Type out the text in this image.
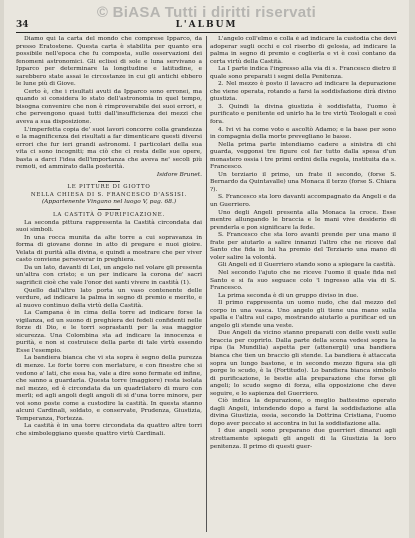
© BiASA Tutti i diritti riservati
34	L'ALBUM

Diamo qui la carta del mondo che comprese Ipparco, da presso Eratostene. Questa carta è stabilita per quanto era possibile nell'epoca che fu composta, sulle osservazioni dei fenomeni astronomici. Gli eclissi di sole e luna servivano a Ipparco per determinare la longitudine e latitudine, e sarebbero state assai le circostanze in cui gli antichi ebbero le lune più di Giove.

Certo è, che i risultati avuti da Ipparco sono erronei, ma quando si considera lo stato dell'astronomia in quel tempo, bisogna convenire che non è rimproverabile dei suoi errori, e che pervengono quasi tutti dall'insufficienza dei mezzi che aveva a sua disposizione.

L'imperfetta copia de' suoi lavori concorre colla grandezza e la magnificenza dei risultati a far dimenticare questi diversi errori che fur ieri grandi astronomi. I particolari della sua vita ci sono incogniti; ma ciò che ci resta delle sue opere, basta a darci l'idea dell'importanza che aveva ne' secoli più remoti, ed ammirato dalla posterità.

Isidore Brunet.

LE PITTURE DI GIOTTO

NELLA CHIESA DI S. FRANCESCO D'ASSISI.

(Appartenente Vingano nel luogo V, pag. 68.)

LA CASTITÀ O PURIFICAZIONE.

La seconda pittura rappresenta la Castità circondata dai suoi simboli.

In una rocca munita da alte torre a cui sopravanza in forma di giovane donne in atto di pregare e nuoi gioire. Velata di purità alla divina, e quindi a mostrare che per viver casto conviene perseverar in preghiera.

Da un lato, davanti di Lei, un angelo nel volare gli presenta un'altra con cristo; e un per indicare la corona de' sacri sagrificii cioè che vale l'onor dei santi vivere in castità (1).

Quello dall'altro lato porta un vaso contenente delle verdure, ad indicare la palma in segno di premio e merito, e al nuovo continuo della virtù della Castità.

La Campana è in cima della torre ad indicare forse la vigilanza, ed un suono di preghiera dei fedeli confidenti nelle forze di Dio, e le torri soprastanti per la sua maggior sicurezza. Una Colombina sta ad indicare la innocenza e purità, e non si costruisce della parte di tale virtù essendo Esse l'esempio.

La bandiera bianca che vi sta sopra è segno della purezza di menze. Le forte torre con merlature, e con finestre che si vedono a' lati, che essa ha, vale a dire sono fermate ed infine, che sanno a guardarla. Questa torre (maggiore) resta isolata nel mezzo, ed è circondata da un quadrilatero di muro con merli; ed agli angoli degli angoli di si d'una torre minore, per voi sono poste come a custodire la castità. In questa stanno alcuni Cardinali, soldato, e conservate, Prudenza, Giustizia, Temperanza, Fortezza.

La castità è in una torre circondata da quattro altre torri che simboleggiano queste quattro virtù Cardinali.

L'angelo coll'elmo e colla è ad indicare la custodia che devi adoperar sugli occhi e col riserbo di gelosia, ad indicare la palma in segno di premio e coglierla e vi è così contano da certa virtù della Castità.

La I parte indica l'ingresso alla via di s. Francesco dietro il quale sono preparati i segni della Penitenza.

2. Nel mezzo è posto il lavacro ad indicare la depurazione che viene operata, rotando a farsi la soddisfazione dirà divino giustizia.

3. Quindi la divina giustizia è soddisfatta, l'uomo è purificato e penitente ed unirlo ha le tre virtù Teologali e così fora.

4. Ivi vi ha come voto e ascoltò Adamo; e la base per sono in compagnia della morte prevegliano le basse.

Nella prima parte intendiamo cadere a sinistra di chi guarda, veggonsi tre figure col far tutto dalla spesa d'un monastero ossia i tre primi ordini della regola, instituita da s. Francesco.

Un terziario il primo, un frate il secondo, (forse S. Bernardo da Quintavalle) una Monaca il terzo (forse S. Chiara ?).

S. Francesco sta loro davanti accompagnato da Angeli e da un Guerriero.

Uno degli Angeli presenta alla Monaca la croce. Esse mentre allungando le braccia e le mani vive desiderio di prenderla e pon significare la fede.

S. Francesco che sta loro avanti prende per una mano il frate per aiutarlo a salire innanzi l'altro che ne riceve dal Santo che fida in lui ha premio del Terziario una mano di voler salire la volontà.

Gli Angeli ed il Guerriero stando sono a spiegare la castità.

Nel secondo l'ajuto che ne riceve l'uomo il quale fida nel Santo e si fa suo seguace colo 'l ingresso alla via di S. Francesco.

La prima seconda è di un gruppo diviso in due.

Il primo rappresenta un uomo nudo, che dal mezzo del corpo in una vasca. Uno angelo gli tiene una mano sulla spalla e l'altra sul capo, mostrando aiutarlo a purificar ed un angelo gli stende una veste.

Due Angeli da vicino stanno preparati con delle vesti sulle braccia per coprirlo. Dalla parte della scena vedesi sopra la ripa (la Mundilia) aspetta per (attenergli) una bandiera bianca che tien un braccio gli stende. La bandiera è attaccata sopra un lungo bastone, e in secondo mezzo figura sia gli porge lo scudo, è la (Fortitudo). Lo bandiera bianca simbolo di purificazione, le bestie alla preparazione che forse gli angeli; lo scudo segno di forza, ella opposizione che deve seguire, e lo sapienza del Guerriero.

Ciò indica la depurazione, o meglio battesimo operato dagli Angeli, intendendo dopo a farsi la soddisfazione alla divina Giustizia, ossia, secondo la Dottrina Cristiana, l'uomo dopo aver peccato si accontra in lui la soddisfazione alla.

I due angeli sono preparano due guerrieri dinanzi agli strettamente spiegati gli angeli di la Giustizia la loro penitenza. Il primo di questi guer-
